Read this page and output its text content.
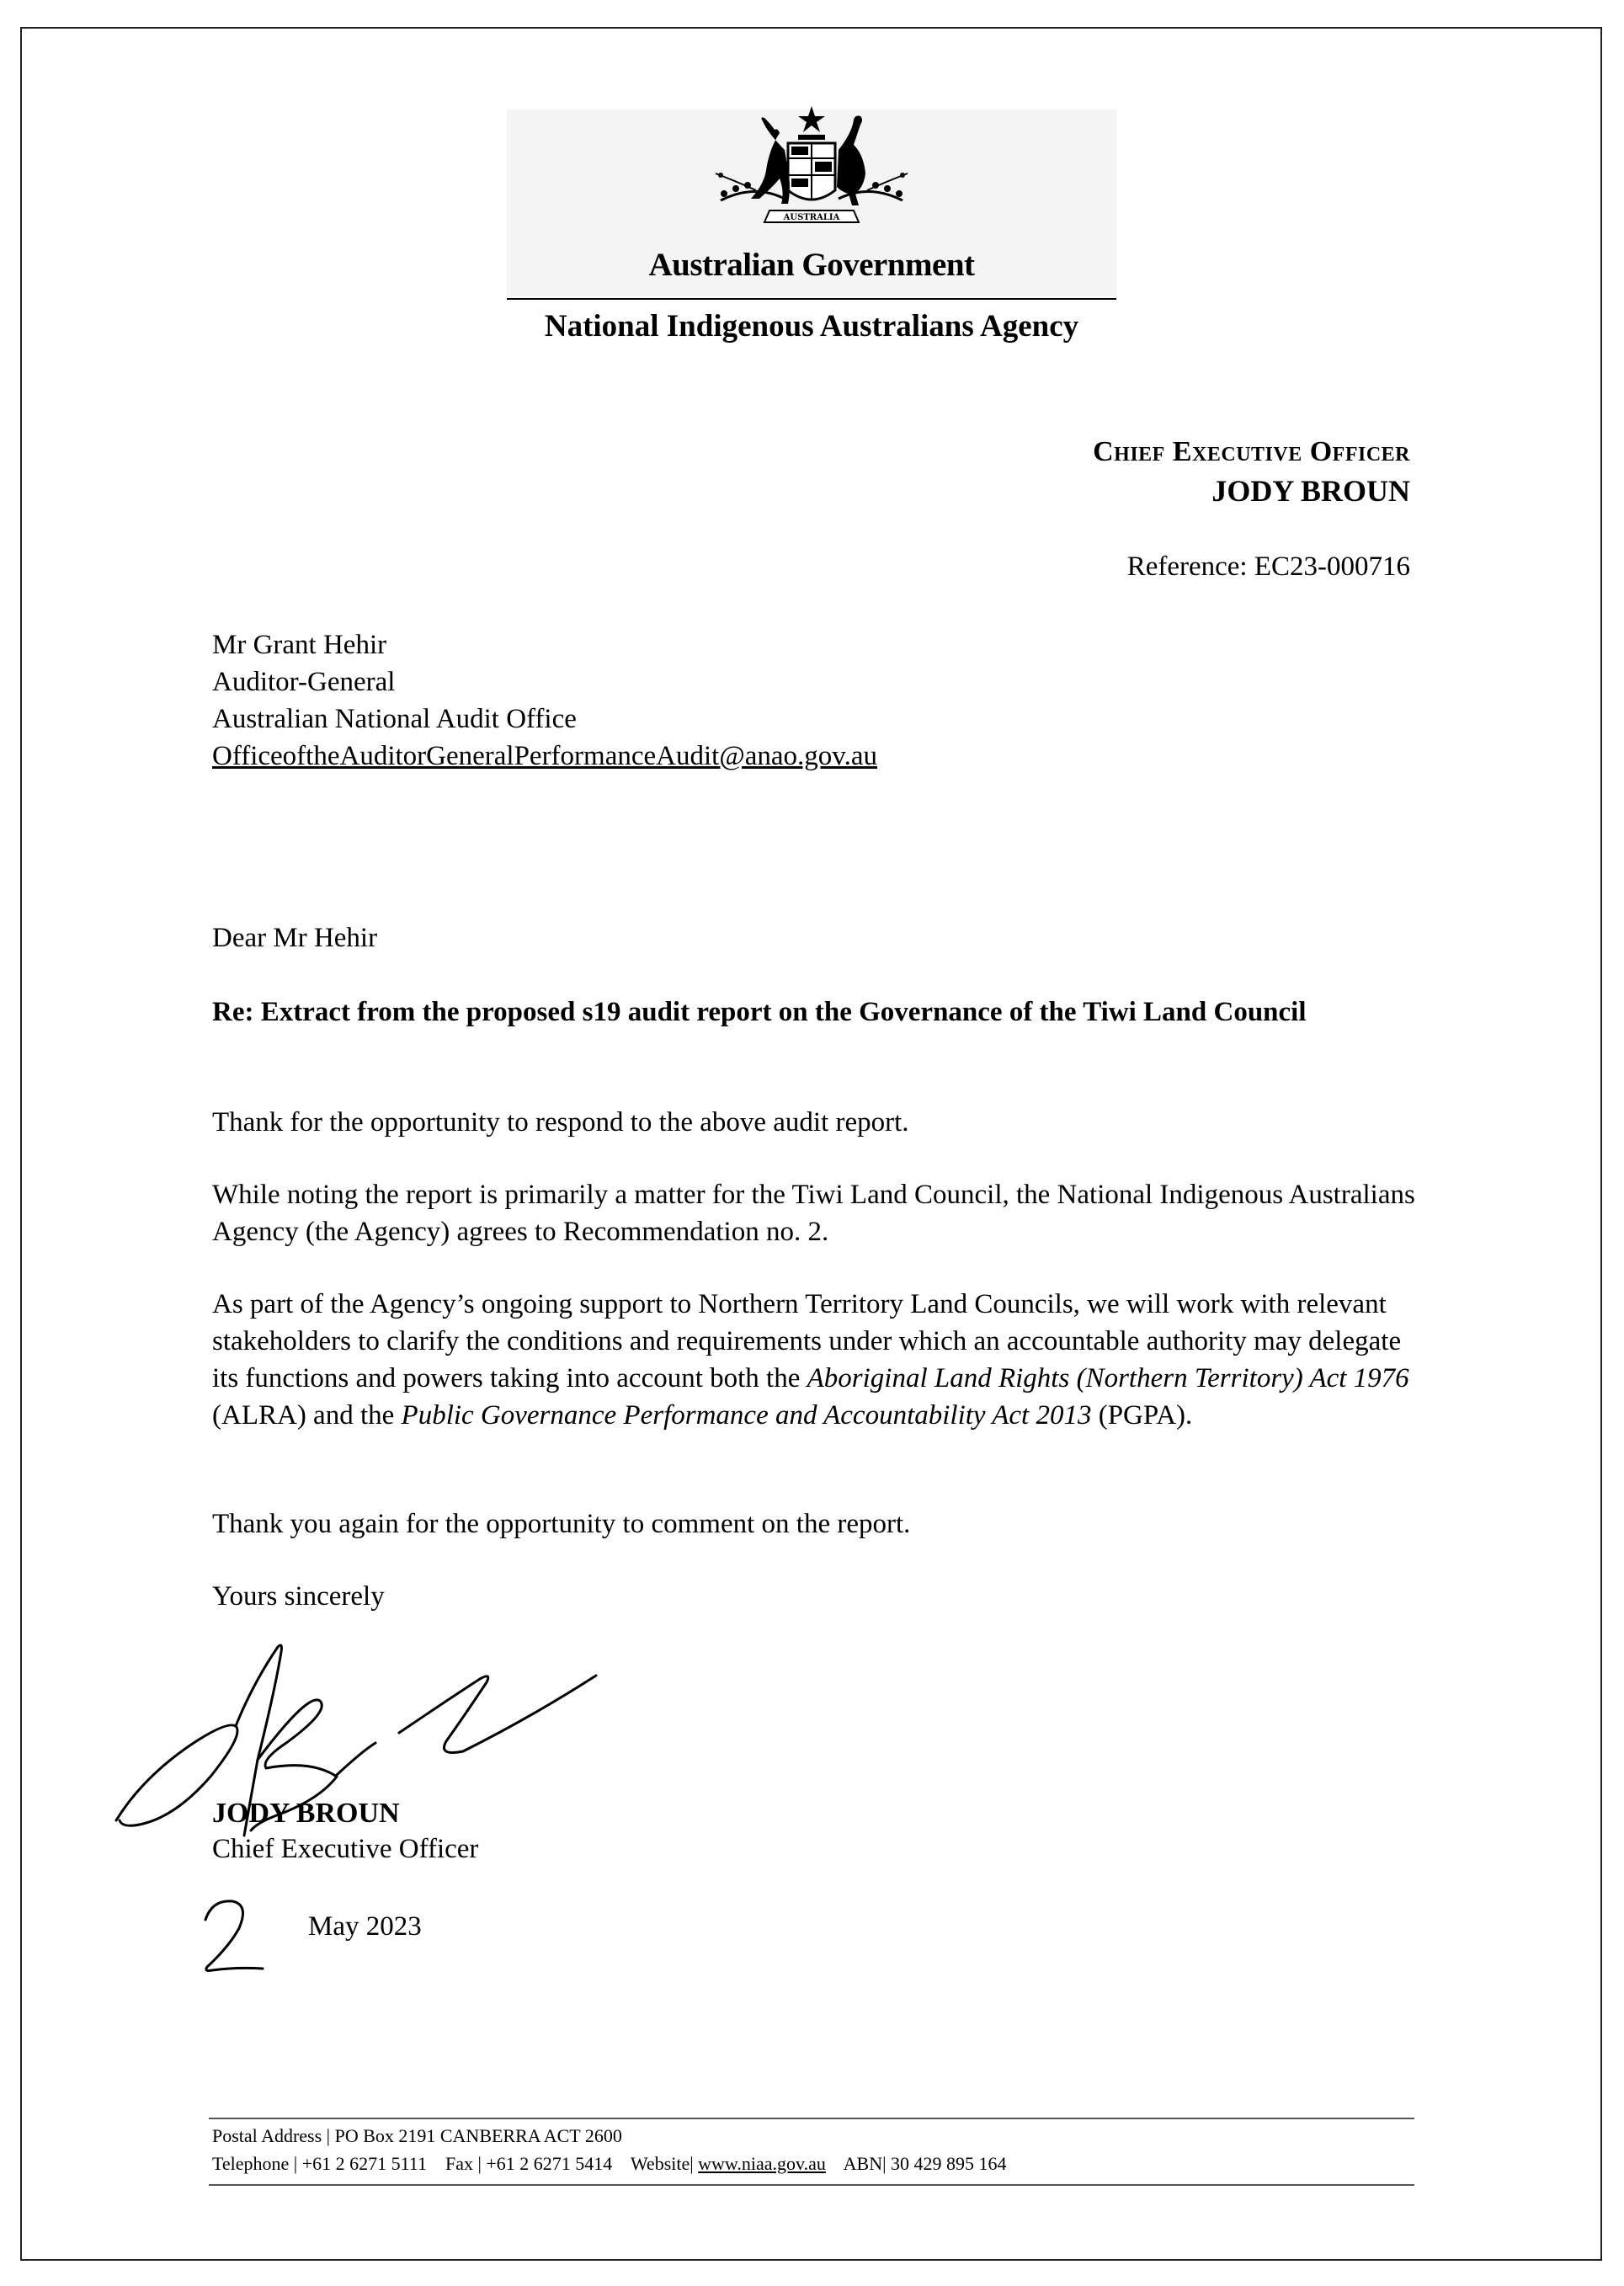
AUSTRALIA
Australian Government
National Indigenous Australians Agency
Chief Executive Officer
JODY BROUN
Reference: EC23-000716
Mr Grant Hehir
Auditor-General
Australian National Audit Office
OfficeoftheAuditorGeneralPerformanceAudit@anao.gov.au
Dear Mr Hehir
Re: Extract from the proposed s19 audit report on the Governance of the Tiwi Land Council
Thank for the opportunity to respond to the above audit report.
While noting the report is primarily a matter for the Tiwi Land Council, the National Indigenous Australians Agency (the Agency) agrees to Recommendation no. 2.
As part of the Agency’s ongoing support to Northern Territory Land Councils, we will work with relevant stakeholders to clarify the conditions and requirements under which an accountable authority may delegate its functions and powers taking into account both the Aboriginal Land Rights (Northern Territory) Act 1976 (ALRA) and the Public Governance Performance and Accountability Act 2013 (PGPA).
Thank you again for the opportunity to comment on the report.
Yours sincerely
JODY BROUN
Chief Executive Officer
2
May 2023
Postal Address | PO Box 2191 CANBERRA ACT 2600
Telephone | +61 2 6271 5111 Fax | +61 2 6271 5414 Website| www.niaa.gov.au ABN| 30 429 895 164
